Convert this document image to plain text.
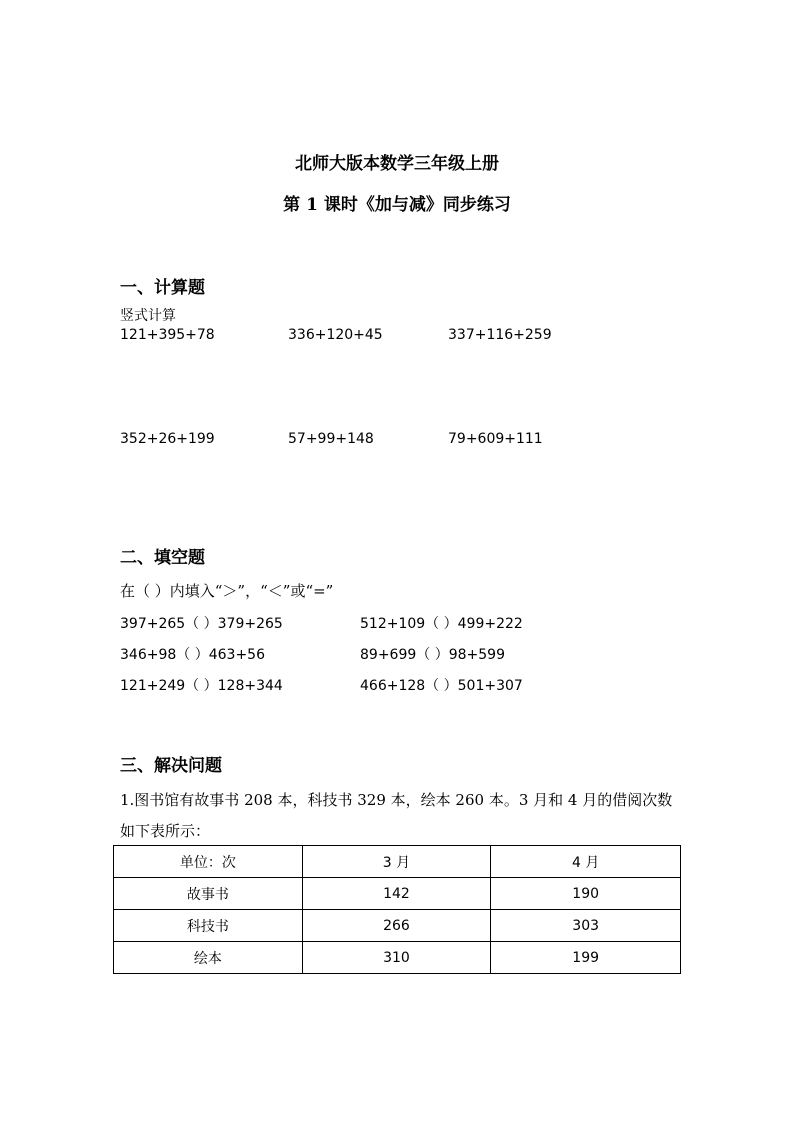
北师大版本数学三年级上册
第 1 课时《加与减》同步练习
一、计算题
竖式计算
121+395+78	336+120+45	337+116+259
352+26+199	57+99+148	79+609+111
二、填空题
在（ ）内填入“＞”，“＜”或“=”
397+265（ ）379+265	512+109（ ）499+222
346+98（ ）463+56	89+699（ ）98+599
121+249（ ）128+344	466+128（ ）501+307
三、解决问题
1.图书馆有故事书 208 本，科技书 329 本，绘本 260 本。3 月和 4 月的借阅次数
如下表所示：
单位：次	3 月	4 月
故事书	142	190
科技书	266	303
绘本	310	199
